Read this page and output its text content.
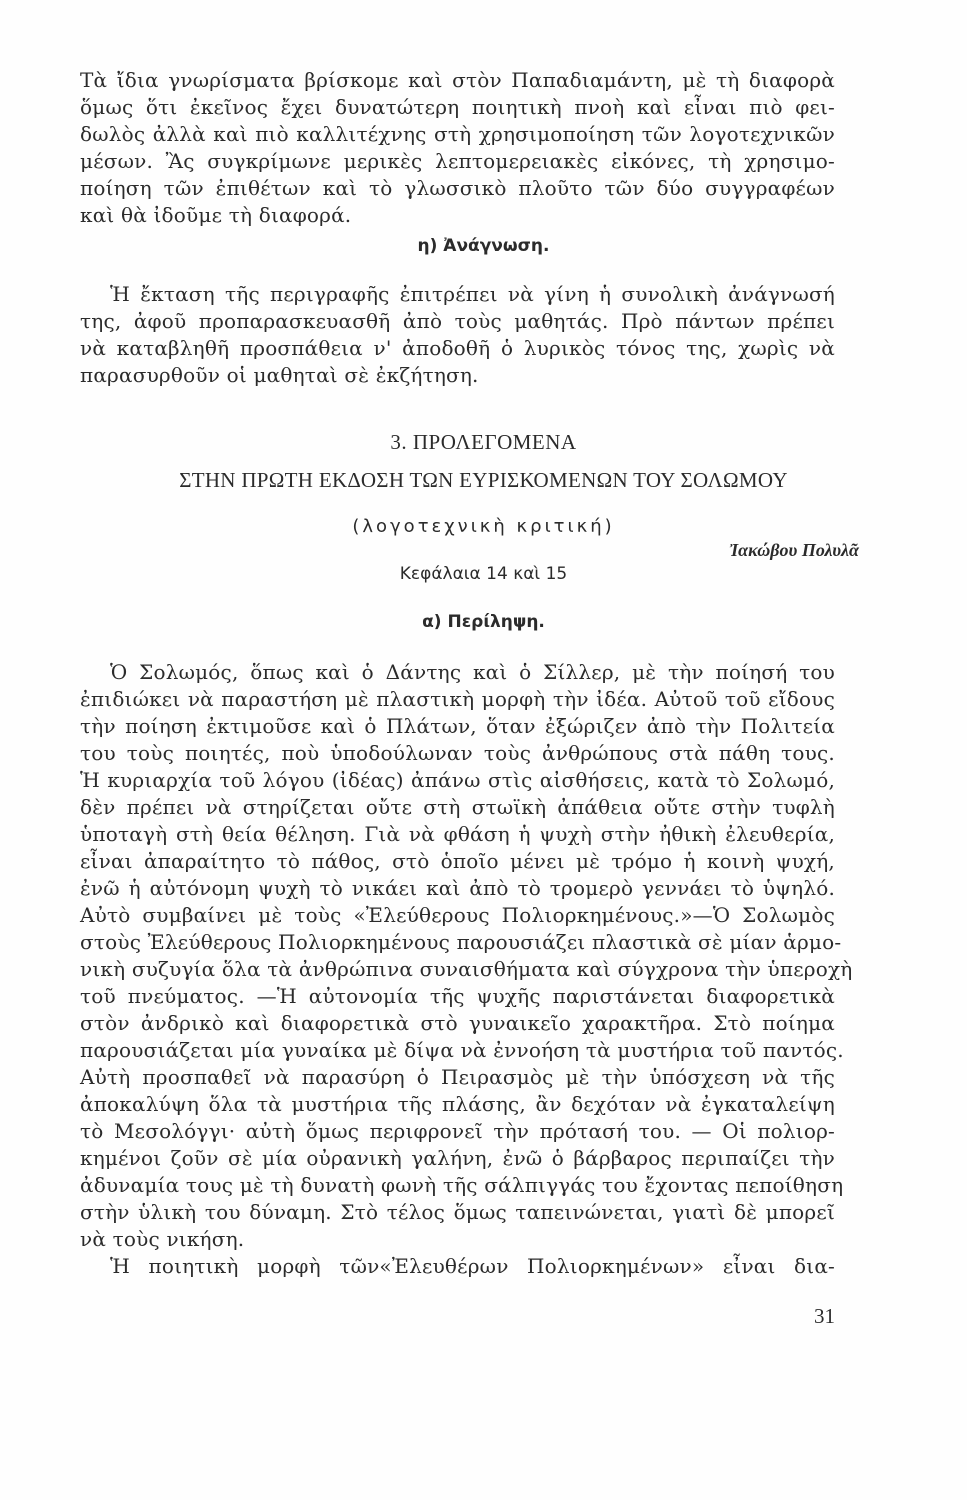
Τὰ ἴδια γνωρίσματα βρίσκομε καὶ στὸν Παπαδιαμάντη, μὲ τὴ διαφορὰ
ὅμως ὅτι ἐκεῖνος ἔχει δυνατώτερη ποιητικὴ πνοὴ καὶ εἶναι πιὸ φει-
δωλὸς ἀλλὰ καὶ πιὸ καλλιτέχνης στὴ χρησιμοποίηση τῶν λογοτεχνικῶν
μέσων. Ἂς συγκρίμωνε μερικὲς λεπτομερειακὲς εἰκόνες, τὴ χρησιμο-
ποίηση τῶν ἐπιθέτων καὶ τὸ γλωσσικὸ πλοῦτο τῶν δύο συγγραφέων
καὶ θὰ ἰδοῦμε τὴ διαφορά.
η) Ἀνάγνωση.
Ἡ ἔκταση τῆς περιγραφῆς ἐπιτρέπει νὰ γίνη ἡ συνολικὴ ἀνάγνωσή
της, ἀφοῦ προπαρασκευασθῆ ἀπὸ τοὺς μαθητάς. Πρὸ πάντων πρέπει
νὰ καταβληθῆ προσπάθεια ν' ἀποδοθῆ ὁ λυρικὸς τόνος της, χωρὶς νὰ
παρασυρθοῦν οἱ μαθηταὶ σὲ ἐκζήτηση.
3. ΠΡΟΛΕΓΟΜΕΝΑ
ΣΤΗΝ ΠΡΩΤΗ ΕΚΔΟΣΗ ΤΩΝ ΕΥΡΙΣΚΟΜΕΝΩΝ ΤΟΥ ΣΟΛΩΜΟΥ
(λογοτεχνικὴ κριτική)
Ἰακώβου Πολυλᾶ
Κεφάλαια 14 καὶ 15
α) Περίληψη.
Ὁ Σολωμός, ὅπως καὶ ὁ Δάντης καὶ ὁ Σίλλερ, μὲ τὴν ποίησή του
ἐπιδιώκει νὰ παραστήση μὲ πλαστικὴ μορφὴ τὴν ἰδέα. Αὐτοῦ τοῦ εἴδους
τὴν ποίηση ἐκτιμοῦσε καὶ ὁ Πλάτων, ὅταν ἐξώριζεν ἀπὸ τὴν Πολιτεία
του τοὺς ποιητές, ποὺ ὑποδούλωναν τοὺς ἀνθρώπους στὰ πάθη τους.
Ἡ κυριαρχία τοῦ λόγου (ἰδέας) ἀπάνω στὶς αἰσθήσεις, κατὰ τὸ Σολωμό,
δὲν πρέπει νὰ στηρίζεται οὔτε στὴ στωϊκὴ ἀπάθεια οὔτε στὴν τυφλὴ
ὑποταγὴ στὴ θεία θέληση. Γιὰ νὰ φθάση ἡ ψυχὴ στὴν ἠθικὴ ἐλευθερία,
εἶναι ἀπαραίτητο τὸ πάθος, στὸ ὁποῖο μένει μὲ τρόμο ἡ κοινὴ ψυχή,
ἐνῶ ἡ αὐτόνομη ψυχὴ τὸ νικάει καὶ ἀπὸ τὸ τρομερὸ γεννάει τὸ ὑψηλό.
Αὐτὸ συμβαίνει μὲ τοὺς «Ἐλεύθερους Πολιορκημένους.»—Ὁ Σολωμὸς
στοὺς Ἐλεύθερους Πολιορκημένους παρουσιάζει πλαστικὰ σὲ μίαν ἁρμο-
νικὴ συζυγία ὅλα τὰ ἀνθρώπινα συναισθήματα καὶ σύγχρονα τὴν ὑπεροχὴ
τοῦ πνεύματος. —Ἡ αὐτονομία τῆς ψυχῆς παριστάνεται διαφορετικὰ
στὸν ἀνδρικὸ καὶ διαφορετικὰ στὸ γυναικεῖο χαρακτῆρα. Στὸ ποίημα
παρουσιάζεται μία γυναίκα μὲ δίψα νὰ ἐννοήση τὰ μυστήρια τοῦ παντός.
Αὐτὴ προσπαθεῖ νὰ παρασύρη ὁ Πειρασμὸς μὲ τὴν ὑπόσχεση νὰ τῆς
ἀποκαλύψη ὅλα τὰ μυστήρια τῆς πλάσης, ἂν δεχόταν νὰ ἐγκαταλείψη
τὸ Μεσολόγγι· αὐτὴ ὅμως περιφρονεῖ τὴν πρότασή του. — Οἱ πολιορ-
κημένοι ζοῦν σὲ μία οὐρανικὴ γαλήνη, ἐνῶ ὁ βάρβαρος περιπαίζει τὴν
ἀδυναμία τους μὲ τὴ δυνατὴ φωνὴ τῆς σάλπιγγάς του ἔχοντας πεποίθηση
στὴν ὑλικὴ του δύναμη. Στὸ τέλος ὅμως ταπεινώνεται, γιατὶ δὲ μπορεῖ
νὰ τοὺς νικήση.
Ἡ ποιητικὴ μορφὴ τῶν«Ἐλευθέρων Πολιορκημένων» εἶναι δια-
31
